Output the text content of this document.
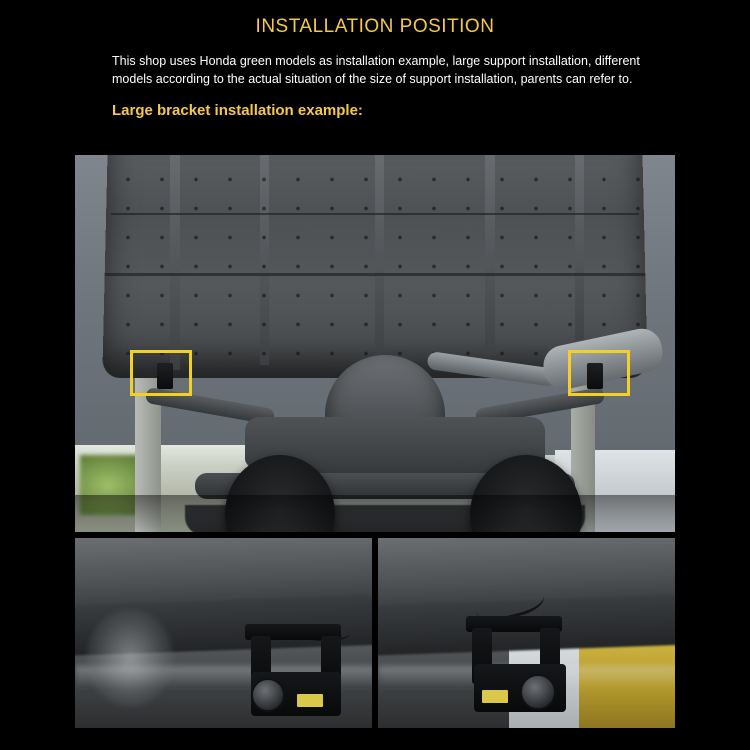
INSTALLATION POSITION
This shop uses Honda green models as installation example, large support installation, different models according to the actual situation of the size of support installation, parents can refer to.
Large bracket installation example:
